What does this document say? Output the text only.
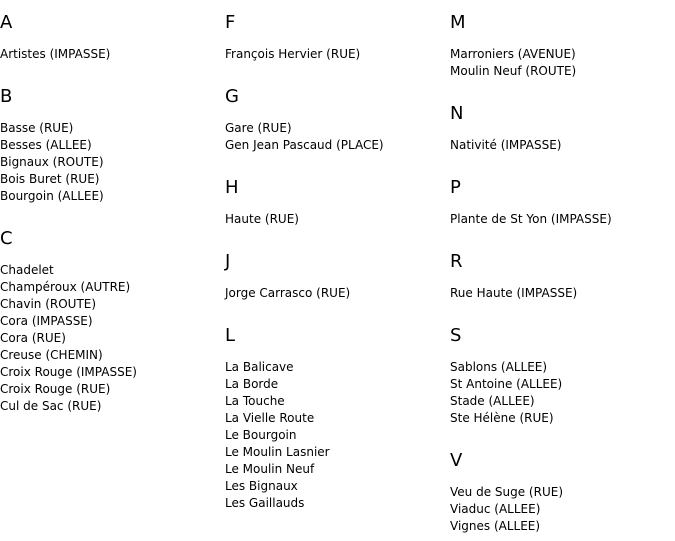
A
Artistes (IMPASSE)
B
Basse (RUE)
Besses (ALLEE)
Bignaux (ROUTE)
Bois Buret (RUE)
Bourgoin (ALLEE)
C
Chadelet
Champéroux (AUTRE)
Chavin (ROUTE)
Cora (IMPASSE)
Cora (RUE)
Creuse (CHEMIN)
Croix Rouge (IMPASSE)
Croix Rouge (RUE)
Cul de Sac (RUE)
F
François Hervier (RUE)
G
Gare (RUE)
Gen Jean Pascaud (PLACE)
H
Haute (RUE)
J
Jorge Carrasco (RUE)
L
La Balicave
La Borde
La Touche
La Vielle Route
Le Bourgoin
Le Moulin Lasnier
Le Moulin Neuf
Les Bignaux
Les Gaillauds
M
Marroniers (AVENUE)
Moulin Neuf (ROUTE)
N
Nativité (IMPASSE)
P
Plante de St Yon (IMPASSE)
R
Rue Haute (IMPASSE)
S
Sablons (ALLEE)
St Antoine (ALLEE)
Stade (ALLEE)
Ste Hélène (RUE)
V
Veu de Suge (RUE)
Viaduc (ALLEE)
Vignes (ALLEE)
